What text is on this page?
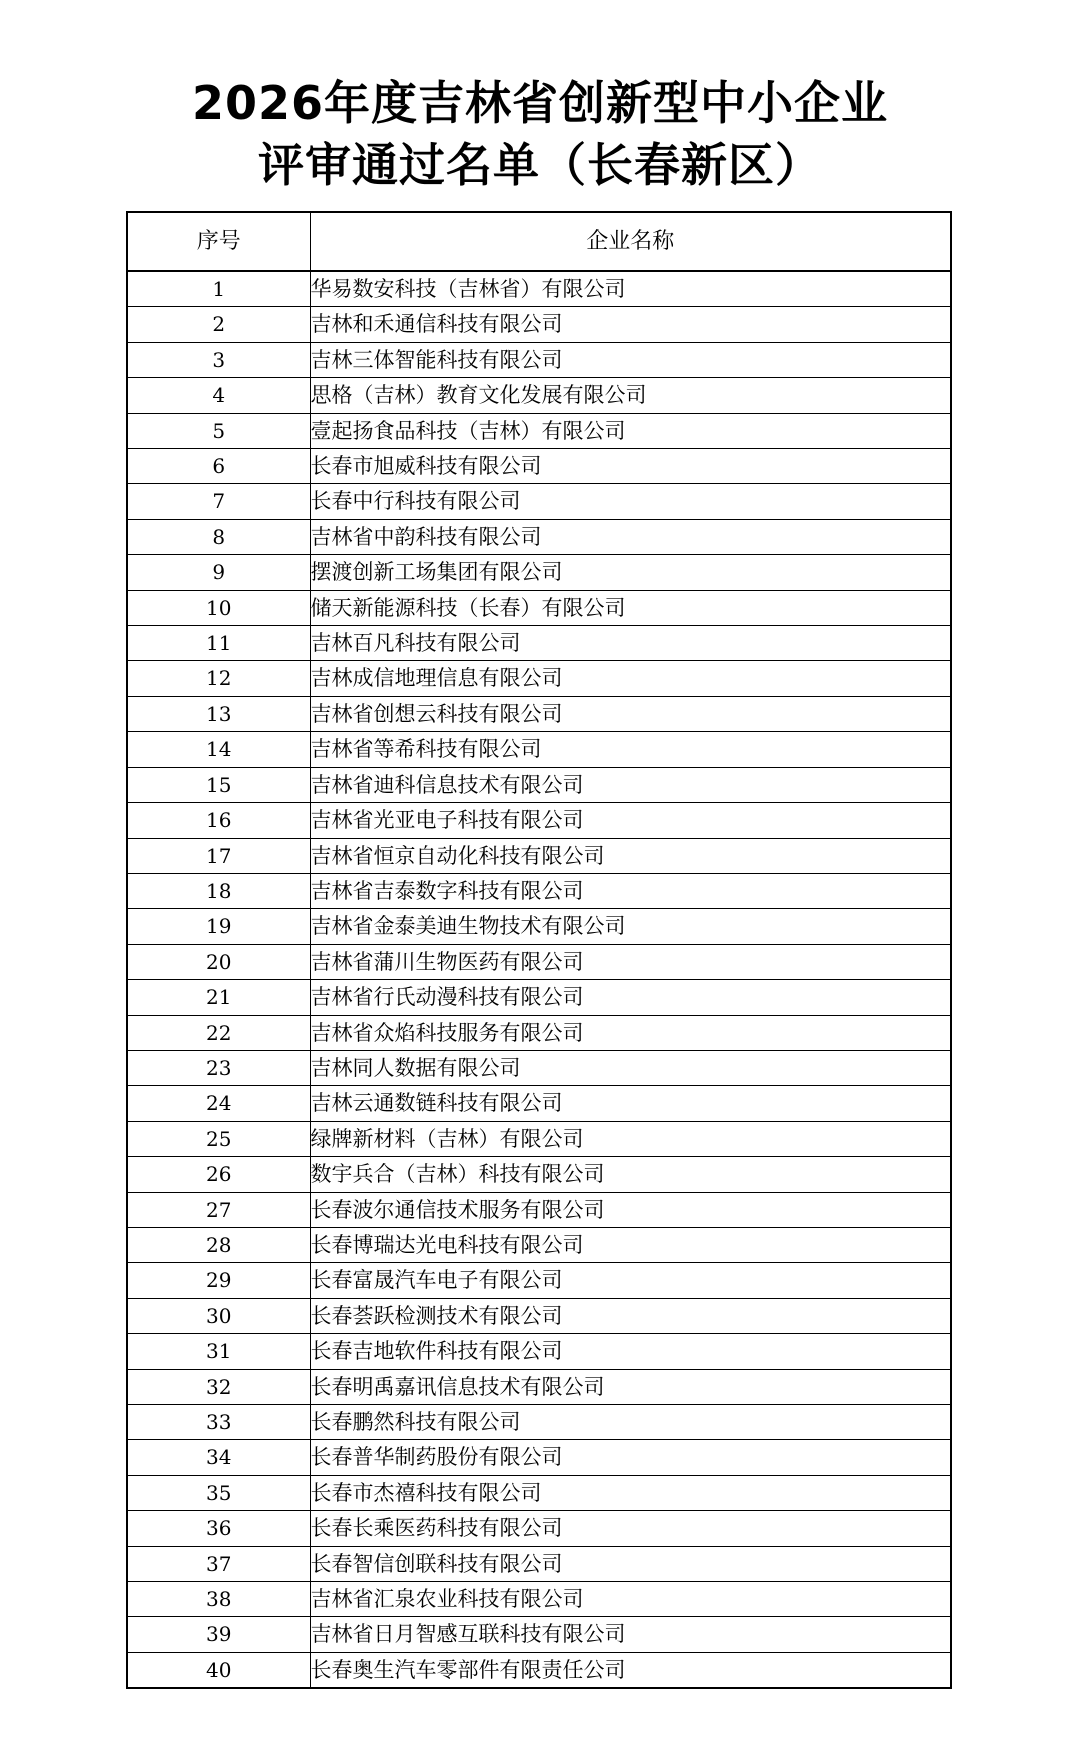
2026年度吉林省创新型中小企业
评审通过名单（长春新区）
序号	企业名称
1	华易数安科技（吉林省）有限公司
2	吉林和禾通信科技有限公司
3	吉林三体智能科技有限公司
4	思格（吉林）教育文化发展有限公司
5	壹起扬食品科技（吉林）有限公司
6	长春市旭威科技有限公司
7	长春中行科技有限公司
8	吉林省中韵科技有限公司
9	摆渡创新工场集团有限公司
10	储天新能源科技（长春）有限公司
11	吉林百凡科技有限公司
12	吉林成信地理信息有限公司
13	吉林省创想云科技有限公司
14	吉林省等希科技有限公司
15	吉林省迪科信息技术有限公司
16	吉林省光亚电子科技有限公司
17	吉林省恒京自动化科技有限公司
18	吉林省吉泰数字科技有限公司
19	吉林省金泰美迪生物技术有限公司
20	吉林省蒲川生物医药有限公司
21	吉林省行氏动漫科技有限公司
22	吉林省众焰科技服务有限公司
23	吉林同人数据有限公司
24	吉林云通数链科技有限公司
25	绿牌新材料（吉林）有限公司
26	数宇兵合（吉林）科技有限公司
27	长春波尔通信技术服务有限公司
28	长春博瑞达光电科技有限公司
29	长春富晟汽车电子有限公司
30	长春荟跃检测技术有限公司
31	长春吉地软件科技有限公司
32	长春明禹嘉讯信息技术有限公司
33	长春鹏然科技有限公司
34	长春普华制药股份有限公司
35	长春市杰禧科技有限公司
36	长春长乘医药科技有限公司
37	长春智信创联科技有限公司
38	吉林省汇泉农业科技有限公司
39	吉林省日月智感互联科技有限公司
40	长春奥生汽车零部件有限责任公司
